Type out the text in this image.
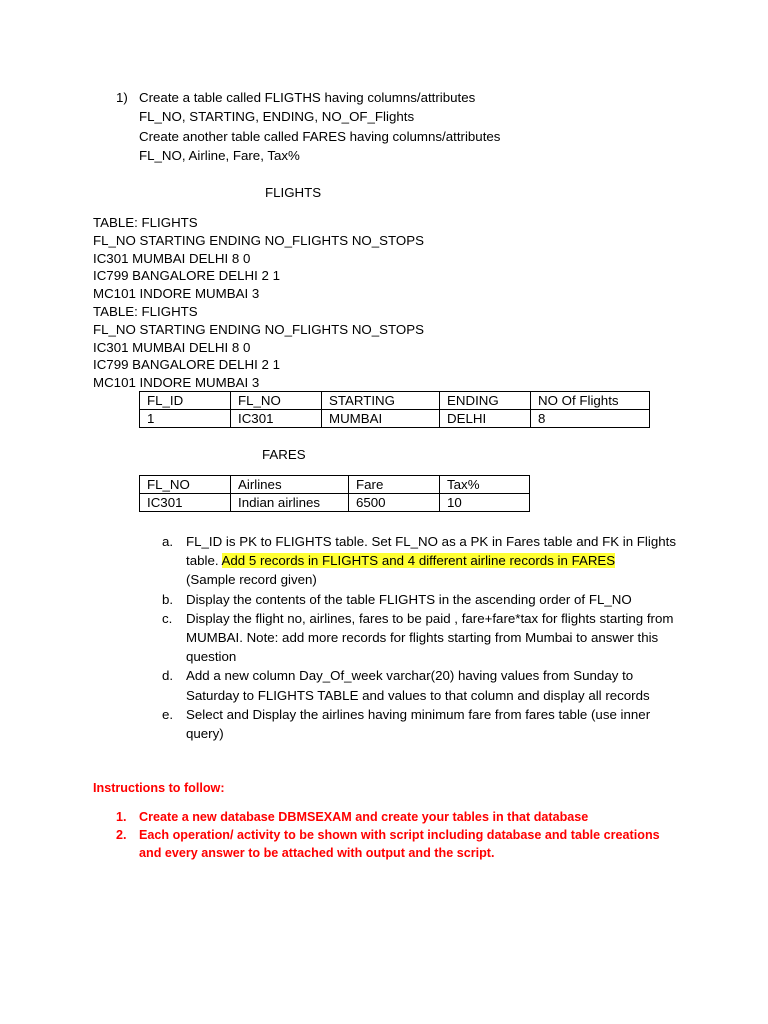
1) Create a table called FLIGTHS having columns/attributes
FL_NO, STARTING, ENDING, NO_OF_Flights
Create another table called FARES having columns/attributes
FL_NO, Airline, Fare, Tax%
FLIGHTS
TABLE: FLIGHTS
FL_NO STARTING ENDING NO_FLIGHTS NO_STOPS
IC301 MUMBAI DELHI 8 0
IC799 BANGALORE DELHI 2 1
MC101 INDORE MUMBAI 3
TABLE: FLIGHTS
FL_NO STARTING ENDING NO_FLIGHTS NO_STOPS
IC301 MUMBAI DELHI 8 0
IC799 BANGALORE DELHI 2 1
MC101 INDORE MUMBAI 3
FL_ID	FL_NO	STARTING	ENDING	NO Of Flights
1	IC301	MUMBAI	DELHI	8
FARES
FL_NO	Airlines	Fare	Tax%
IC301	Indian airlines	6500	10
a. FL_ID is PK to FLIGHTS table. Set FL_NO as a PK in Fares table and FK in Flights table. Add 5 records in FLIGHTS and 4 different airline records in FARES
(Sample record given)
b. Display the contents of the table FLIGHTS in the ascending order of FL_NO
c. Display the flight no, airlines, fares to be paid , fare+fare*tax for flights starting from MUMBAI. Note: add more records for flights starting from Mumbai to answer this question
d. Add a new column Day_Of_week varchar(20) having values from Sunday to Saturday to FLIGHTS TABLE and values to that column and display all records
e. Select and Display the airlines having minimum fare from fares table (use inner query)
Instructions to follow:
1. Create a new database DBMSEXAM and create your tables in that database
2. Each operation/ activity to be shown with script including database and table creations and every answer to be attached with output and the script.
